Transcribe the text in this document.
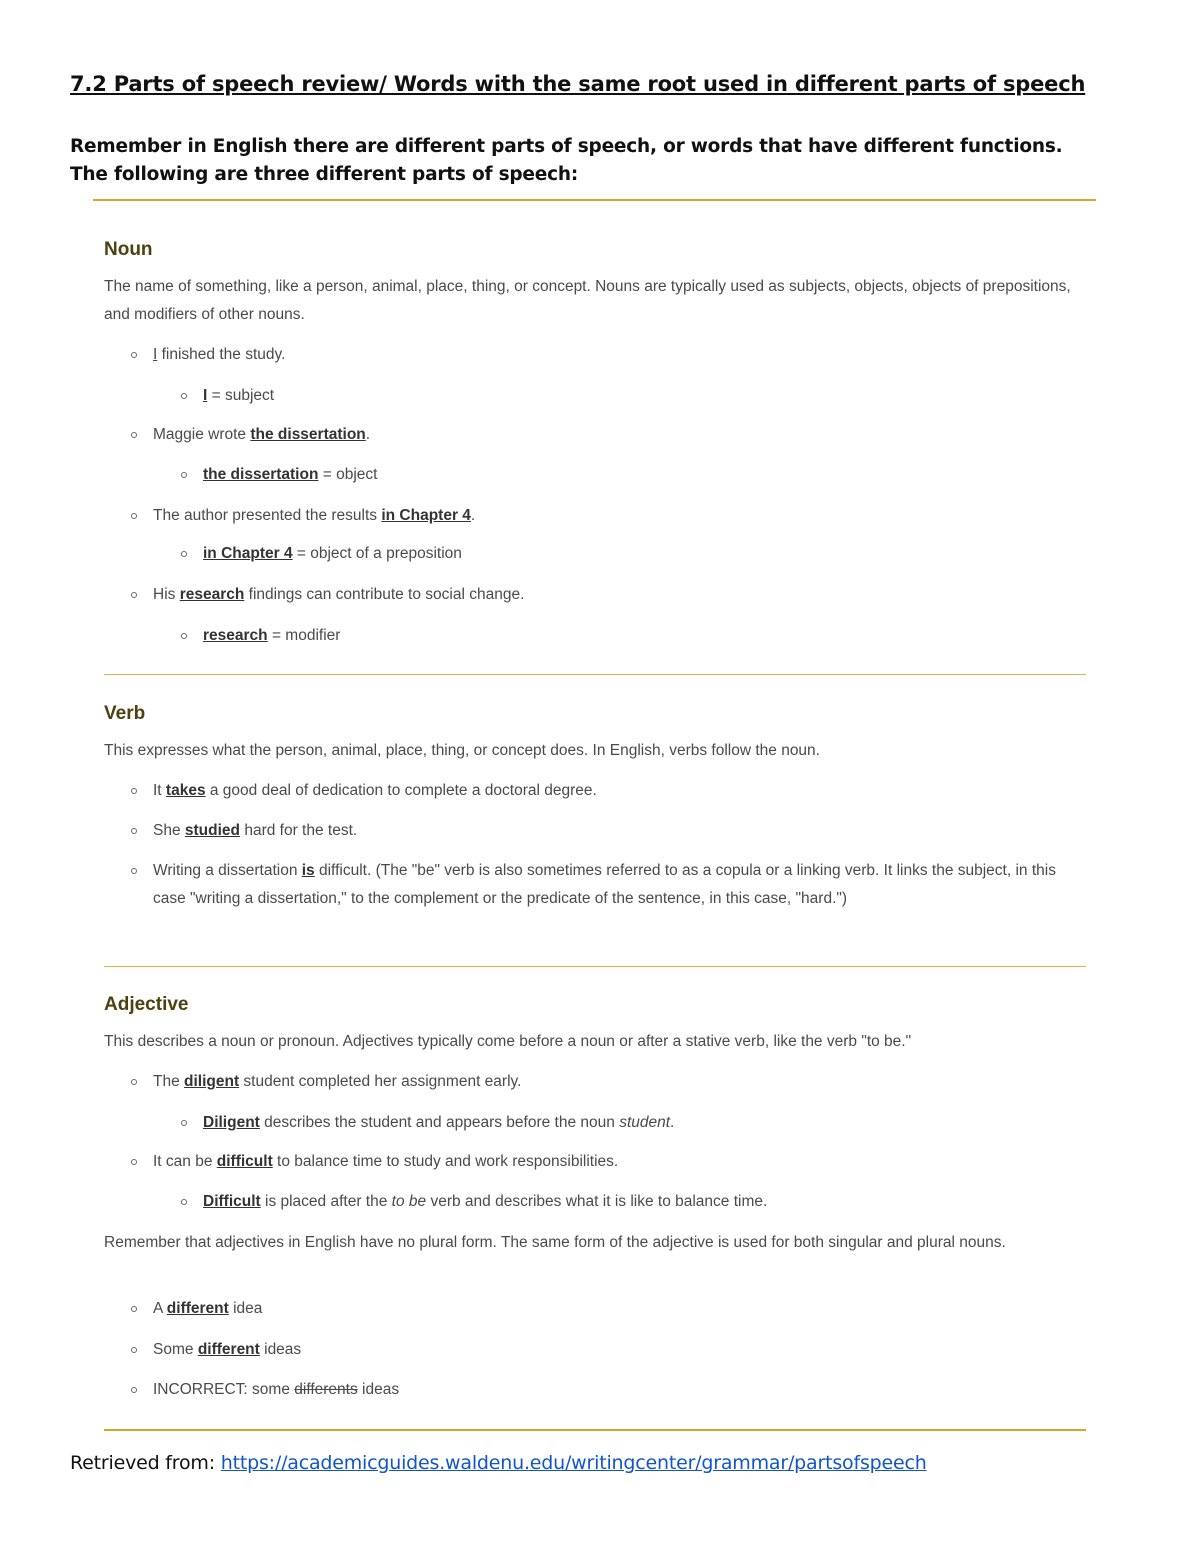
7.2 Parts of speech review/ Words with the same root used in different parts of speech
Remember in English there are different parts of speech, or words that have different functions. The following are three different parts of speech:
Noun
The name of something, like a person, animal, place, thing, or concept. Nouns are typically used as subjects, objects, objects of prepositions, and modifiers of other nouns.
I finished the study.
I = subject
Maggie wrote the dissertation.
the dissertation = object
The author presented the results in Chapter 4.
in Chapter 4 = object of a preposition
His research findings can contribute to social change.
research = modifier
Verb
This expresses what the person, animal, place, thing, or concept does. In English, verbs follow the noun.
It takes a good deal of dedication to complete a doctoral degree.
She studied hard for the test.
Writing a dissertation is difficult. (The "be" verb is also sometimes referred to as a copula or a linking verb. It links the subject, in this case "writing a dissertation," to the complement or the predicate of the sentence, in this case, "hard.")
Adjective
This describes a noun or pronoun. Adjectives typically come before a noun or after a stative verb, like the verb "to be."
The diligent student completed her assignment early.
Diligent describes the student and appears before the noun student.
It can be difficult to balance time to study and work responsibilities.
Difficult is placed after the to be verb and describes what it is like to balance time.
Remember that adjectives in English have no plural form. The same form of the adjective is used for both singular and plural nouns.
A different idea
Some different ideas
INCORRECT: some differents ideas
Retrieved from: https://academicguides.waldenu.edu/writingcenter/grammar/partsofspeech
